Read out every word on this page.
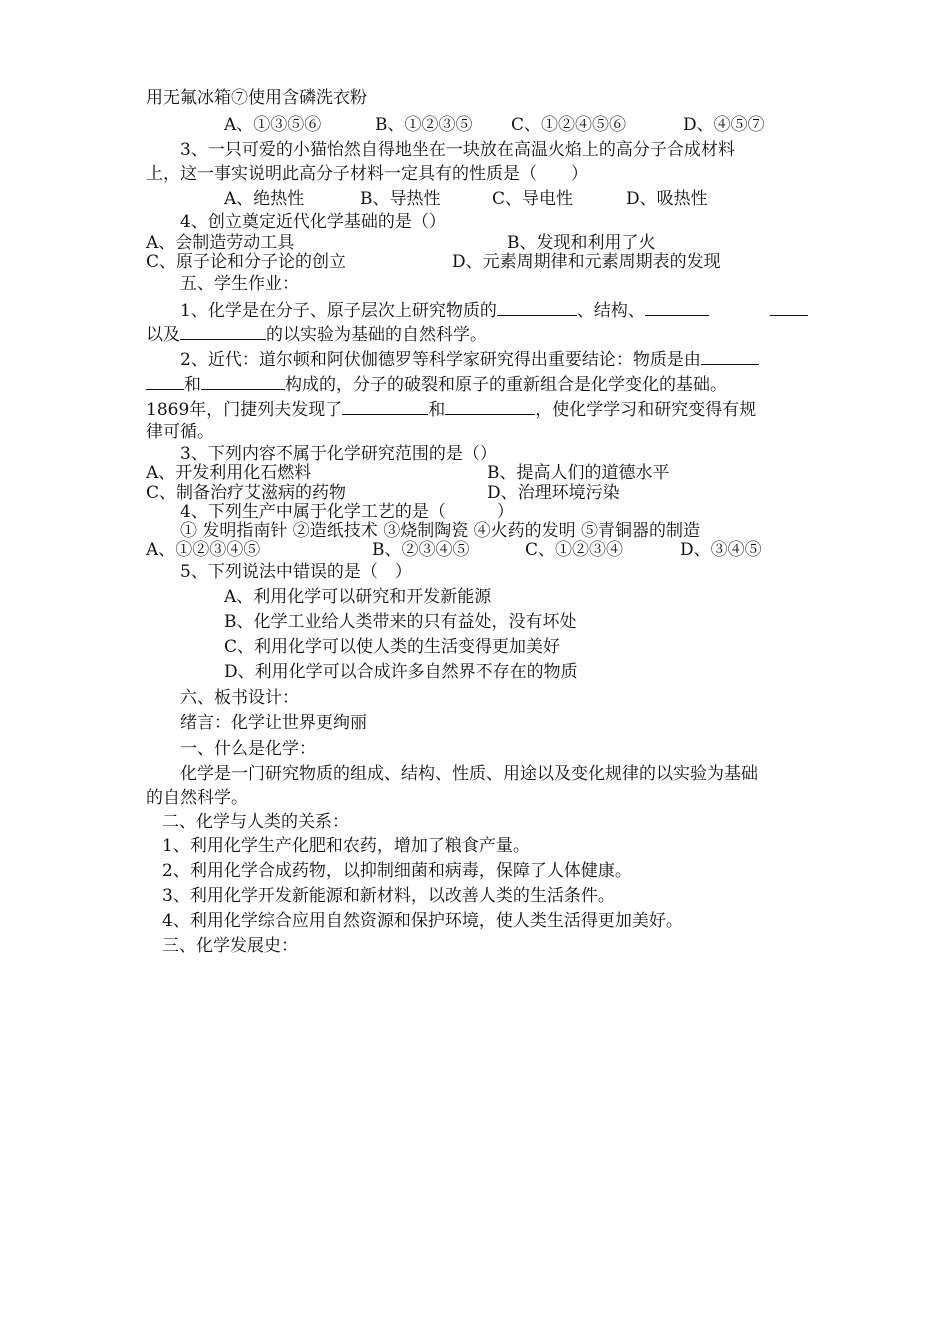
用无氟冰箱⑦使用含磷洗衣粉
A、①③⑤⑥	B、①②③⑤ C、①②④⑤⑥	D、④⑤⑦
3、一只可爱的小猫怡然自得地坐在一块放在高温火焰上的高分子合成材料
上，这一事实说明此高分子材料一定具有的性质是（　　）
A、绝热性	B、导热性	C、导电性	D、吸热性
4、创立奠定近代化学基础的是（）
A、会制造劳动工具	B、发现和利用了火
C、原子论和分子论的创立	D、元素周期律和元素周期表的发现
五、学生作业：
1、化学是在分子、原子层次上研究物质的	、结构、
以及	的以实验为基础的自然科学。
2、近代：道尔顿和阿伏伽德罗等科学家研究得出重要结论：物质是由
和	构成的，分子的破裂和原子的重新组合是化学变化的基础。
1869年，门捷列夫发现了	和	，使化学学习和研究变得有规
律可循。
3、下列内容不属于化学研究范围的是（）
A、开发利用化石燃料	B、提高人们的道德水平
C、制备治疗艾滋病的药物	D、治理环境污染
4、下列生产中属于化学工艺的是（　　　）
① 发明指南针 ②造纸技术 ③烧制陶瓷 ④火药的发明 ⑤青铜器的制造
A、①②③④⑤	B、②③④⑤	C、①②③④	D、③④⑤
5、下列说法中错误的是（　）
A、利用化学可以研究和开发新能源
B、化学工业给人类带来的只有益处，没有坏处
C、利用化学可以使人类的生活变得更加美好
D、利用化学可以合成许多自然界不存在的物质
六、板书设计：
绪言：化学让世界更绚丽
一、什么是化学：
化学是一门研究物质的组成、结构、性质、用途以及变化规律的以实验为基础
的自然科学。
二、化学与人类的关系：
1、利用化学生产化肥和农药，增加了粮食产量。
2、利用化学合成药物，以抑制细菌和病毒，保障了人体健康。
3、利用化学开发新能源和新材料，以改善人类的生活条件。
4、利用化学综合应用自然资源和保护环境，使人类生活得更加美好。
三、化学发展史：
